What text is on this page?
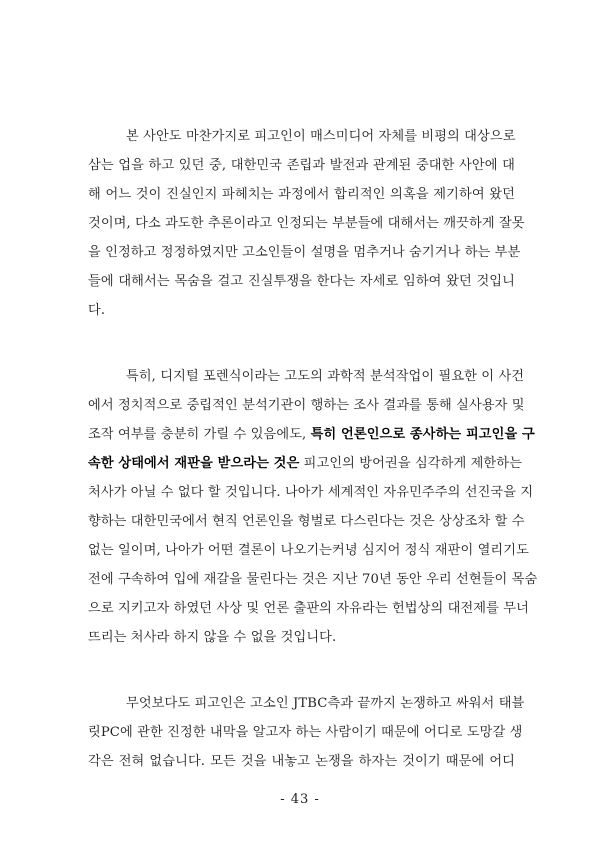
본 사안도 마찬가지로 피고인이 매스미디어 자체를 비평의 대상으로
삼는 업을 하고 있던 중, 대한민국 존립과 발전과 관계된 중대한 사안에 대
해 어느 것이 진실인지 파헤치는 과정에서 합리적인 의혹을 제기하여 왔던
것이며, 다소 과도한 추론이라고 인정되는 부분들에 대해서는 깨끗하게 잘못
을 인정하고 정정하였지만 고소인들이 설명을 멈추거나 숨기거나 하는 부분
들에 대해서는 목숨을 걸고 진실투쟁을 한다는 자세로 임하여 왔던 것입니
다.
특히, 디지털 포렌식이라는 고도의 과학적 분석작업이 필요한 이 사건
에서 정치적으로 중립적인 분석기관이 행하는 조사 결과를 통해 실사용자 및
조작 여부를 충분히 가릴 수 있음에도, 특히 언론인으로 종사하는 피고인을 구
속한 상태에서 재판을 받으라는 것은 피고인의 방어권을 심각하게 제한하는
처사가 아닐 수 없다 할 것입니다. 나아가 세계적인 자유민주주의 선진국을 지
향하는 대한민국에서 현직 언론인을 형벌로 다스린다는 것은 상상조차 할 수
없는 일이며, 나아가 어떤 결론이 나오기는커녕 심지어 정식 재판이 열리기도
전에 구속하여 입에 재갈을 물린다는 것은 지난 70년 동안 우리 선현들이 목숨
으로 지키고자 하였던 사상 및 언론 출판의 자유라는 헌법상의 대전제를 무너
뜨리는 처사라 하지 않을 수 없을 것입니다.
무엇보다도 피고인은 고소인 JTBC측과 끝까지 논쟁하고 싸워서 태블
릿PC에 관한 진정한 내막을 알고자 하는 사람이기 때문에 어디로 도망갈 생
각은 전혀 없습니다. 모든 것을 내놓고 논쟁을 하자는 것이기 때문에 어디
- 43 -
